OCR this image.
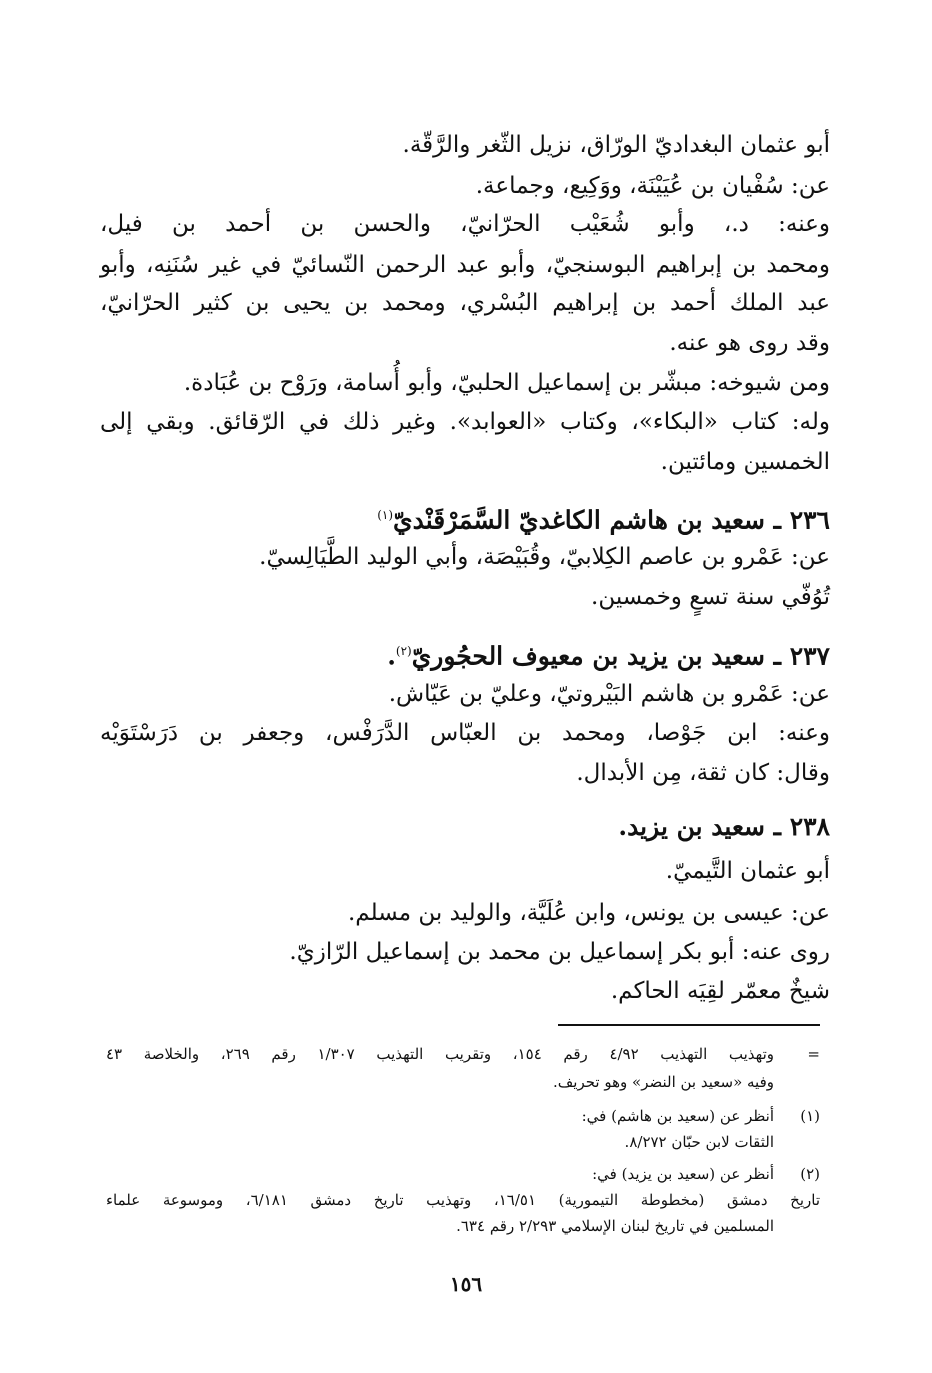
أبو عثمان البغداديّ الورّاق، نزيل الثّغر والرَّقّة.
عن: سُفْيان بن عُيَيْنَة، ووَكِيع، وجماعة.
وعنه: د.، وأبو شُعَيْب الحرّانيّ، والحسن بن أحمد بن فيل،
ومحمد بن إبراهيم البوسنجيّ، وأبو عبد الرحمن النّسائيّ في غير سُنَنِه، وأبو
عبد الملك أحمد بن إبراهيم البُسْري، ومحمد بن يحيى بن كثير الحرّانيّ،
وقد روى هو عنه.
ومن شيوخه: مبشّر بن إسماعيل الحلبيّ، وأبو أُسامة، ورَوْح بن عُبَادة.
وله: كتاب «البكاء»، وكتاب «العوابد». وغير ذلك في الرّقائق. وبقي إلى
الخمسين ومائتين.
٢٣٦ ـ سعيد بن هاشم الكاغديّ السَّمَرْقَنْديّ$^{(١)}$
عن: عَمْرو بن عاصم الكِلابيّ، وقُبَيْصَة، وأبي الوليد الطَّيَالِسيّ.
تُوُفّي سنة تسعٍ وخمسين.
٢٣٧ ـ سعيد بن يزيد بن معيوف الحجُوريّ$^{(٢)}$.
عن: عَمْرو بن هاشم البَيْروتيّ، وعليّ بن عَيّاش.
وعنه: ابن جَوْصا، ومحمد بن العبّاس الدَّرَفْس، وجعفر بن دَرَسْتَوَيْه
وقال: كان ثقة، مِن الأبدال.
٢٣٨ ـ سعيد بن يزيد.
أبو عثمان التَّيميّ.
عن: عيسى بن يونس، وابن عُلَيَّة، والوليد بن مسلم.
روى عنه: أبو بكر إسماعيل بن محمد بن إسماعيل الرّازيّ.
شيخٌ معمّر لقِيَه الحاكم.
=
وتهذيب التهذيب ٤/٩٢ رقم ١٥٤، وتقريب التهذيب ١/٣٠٧ رقم ٢٦٩، والخلاصة ٤٣
وفيه «سعيد بن النضر» وهو تحريف.
(١)
أنظر عن (سعيد بن هاشم) في:
الثقات لابن حبّان ٨/٢٧٢.
(٢)
أنظر عن (سعيد بن يزيد) في:
تاريخ دمشق (مخطوطة التيمورية) ١٦/٥١، وتهذيب تاريخ دمشق ٦/١٨١، وموسوعة علماء
المسلمين في تاريخ لبنان الإسلامي ٢/٢٩٣ رقم ٦٣٤.
١٥٦
